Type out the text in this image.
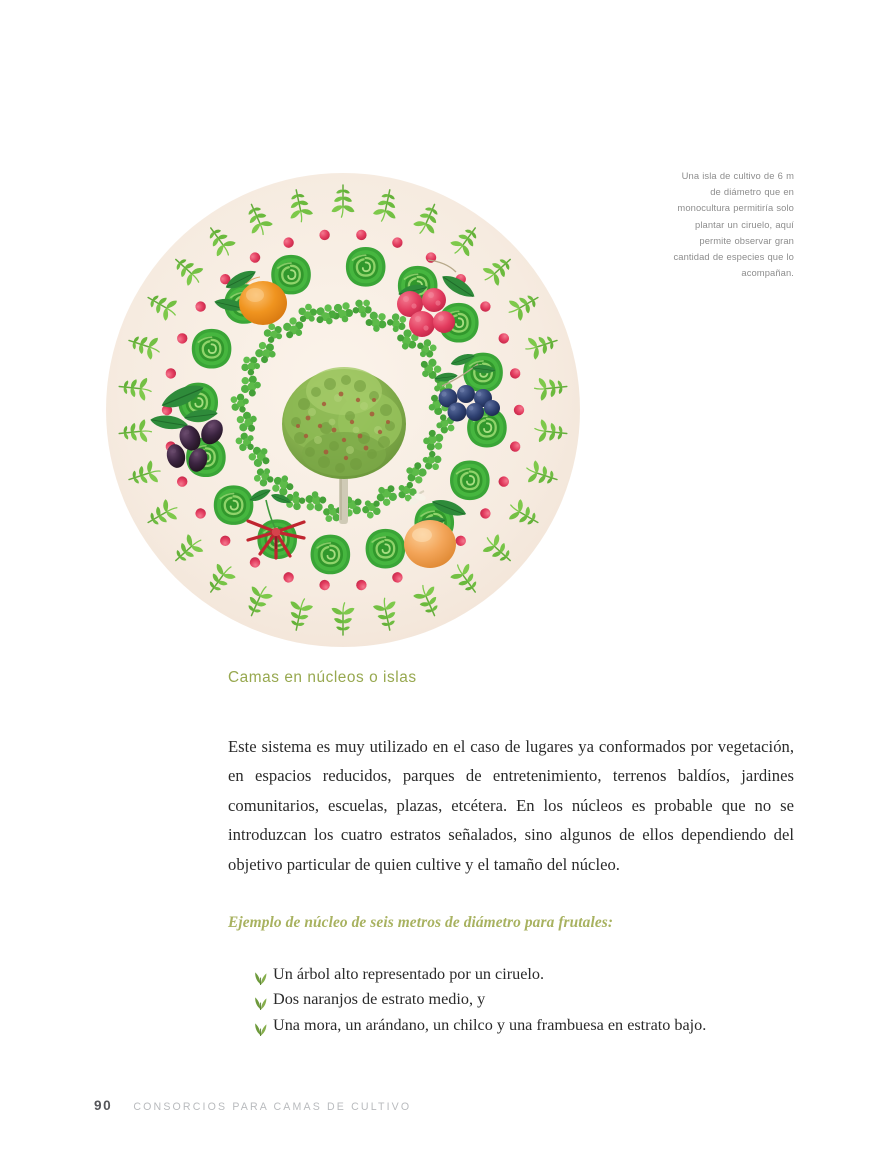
Una isla de cultivo de 6 m de diámetro que en monocultura permitiría solo plantar un ciruelo, aquí permite observar gran cantidad de especies que lo acompañan.
Camas en núcleos o islas

Este sistema es muy utilizado en el caso de lugares ya conformados por vegetación, en espacios reducidos, parques de entretenimiento, terrenos baldíos, jardines comunitarios, escuelas, plazas, etcétera. En los núcleos es probable que no se introduzcan los cuatro estratos señalados, sino algunos de ellos dependiendo del objetivo particular de quien cultive y el tamaño del núcleo.

Ejemplo de núcleo de seis metros de diámetro para frutales:

Un árbol alto representado por un ciruelo.
Dos naranjos de estrato medio, y
Una mora, un arándano, un chilco y una frambuesa en estrato bajo.
90 CONSORCIOS PARA CAMAS DE CULTIVO
